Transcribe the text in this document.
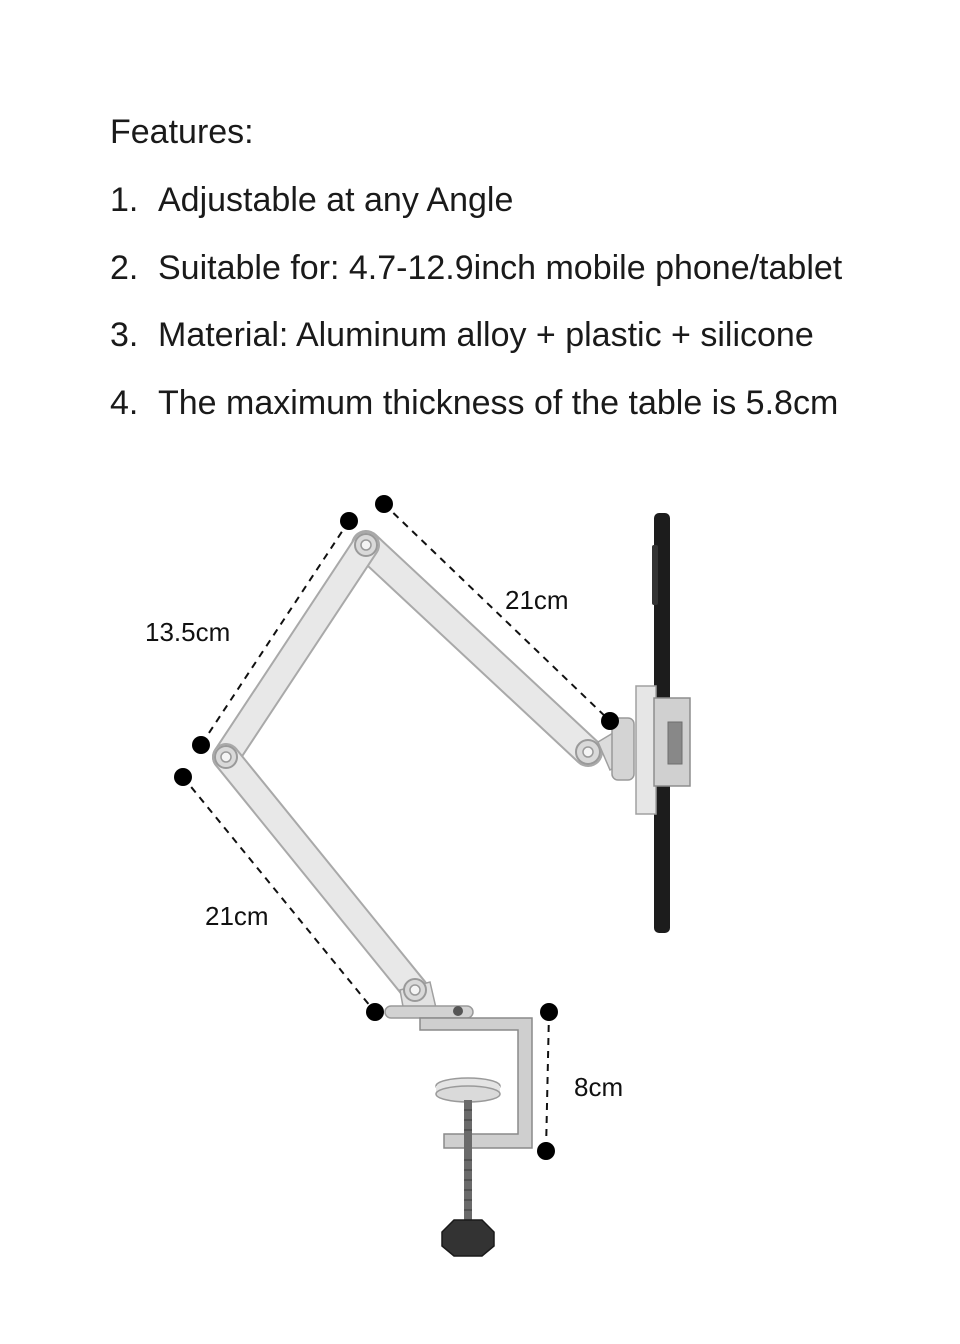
Features:
1. Adjustable at any Angle
2. Suitable for: 4.7-12.9inch mobile phone/tablet
3. Material: Aluminum alloy + plastic + silicone
4. The maximum thickness of the table is 5.8cm
21cm
13.5cm
21cm
8cm
